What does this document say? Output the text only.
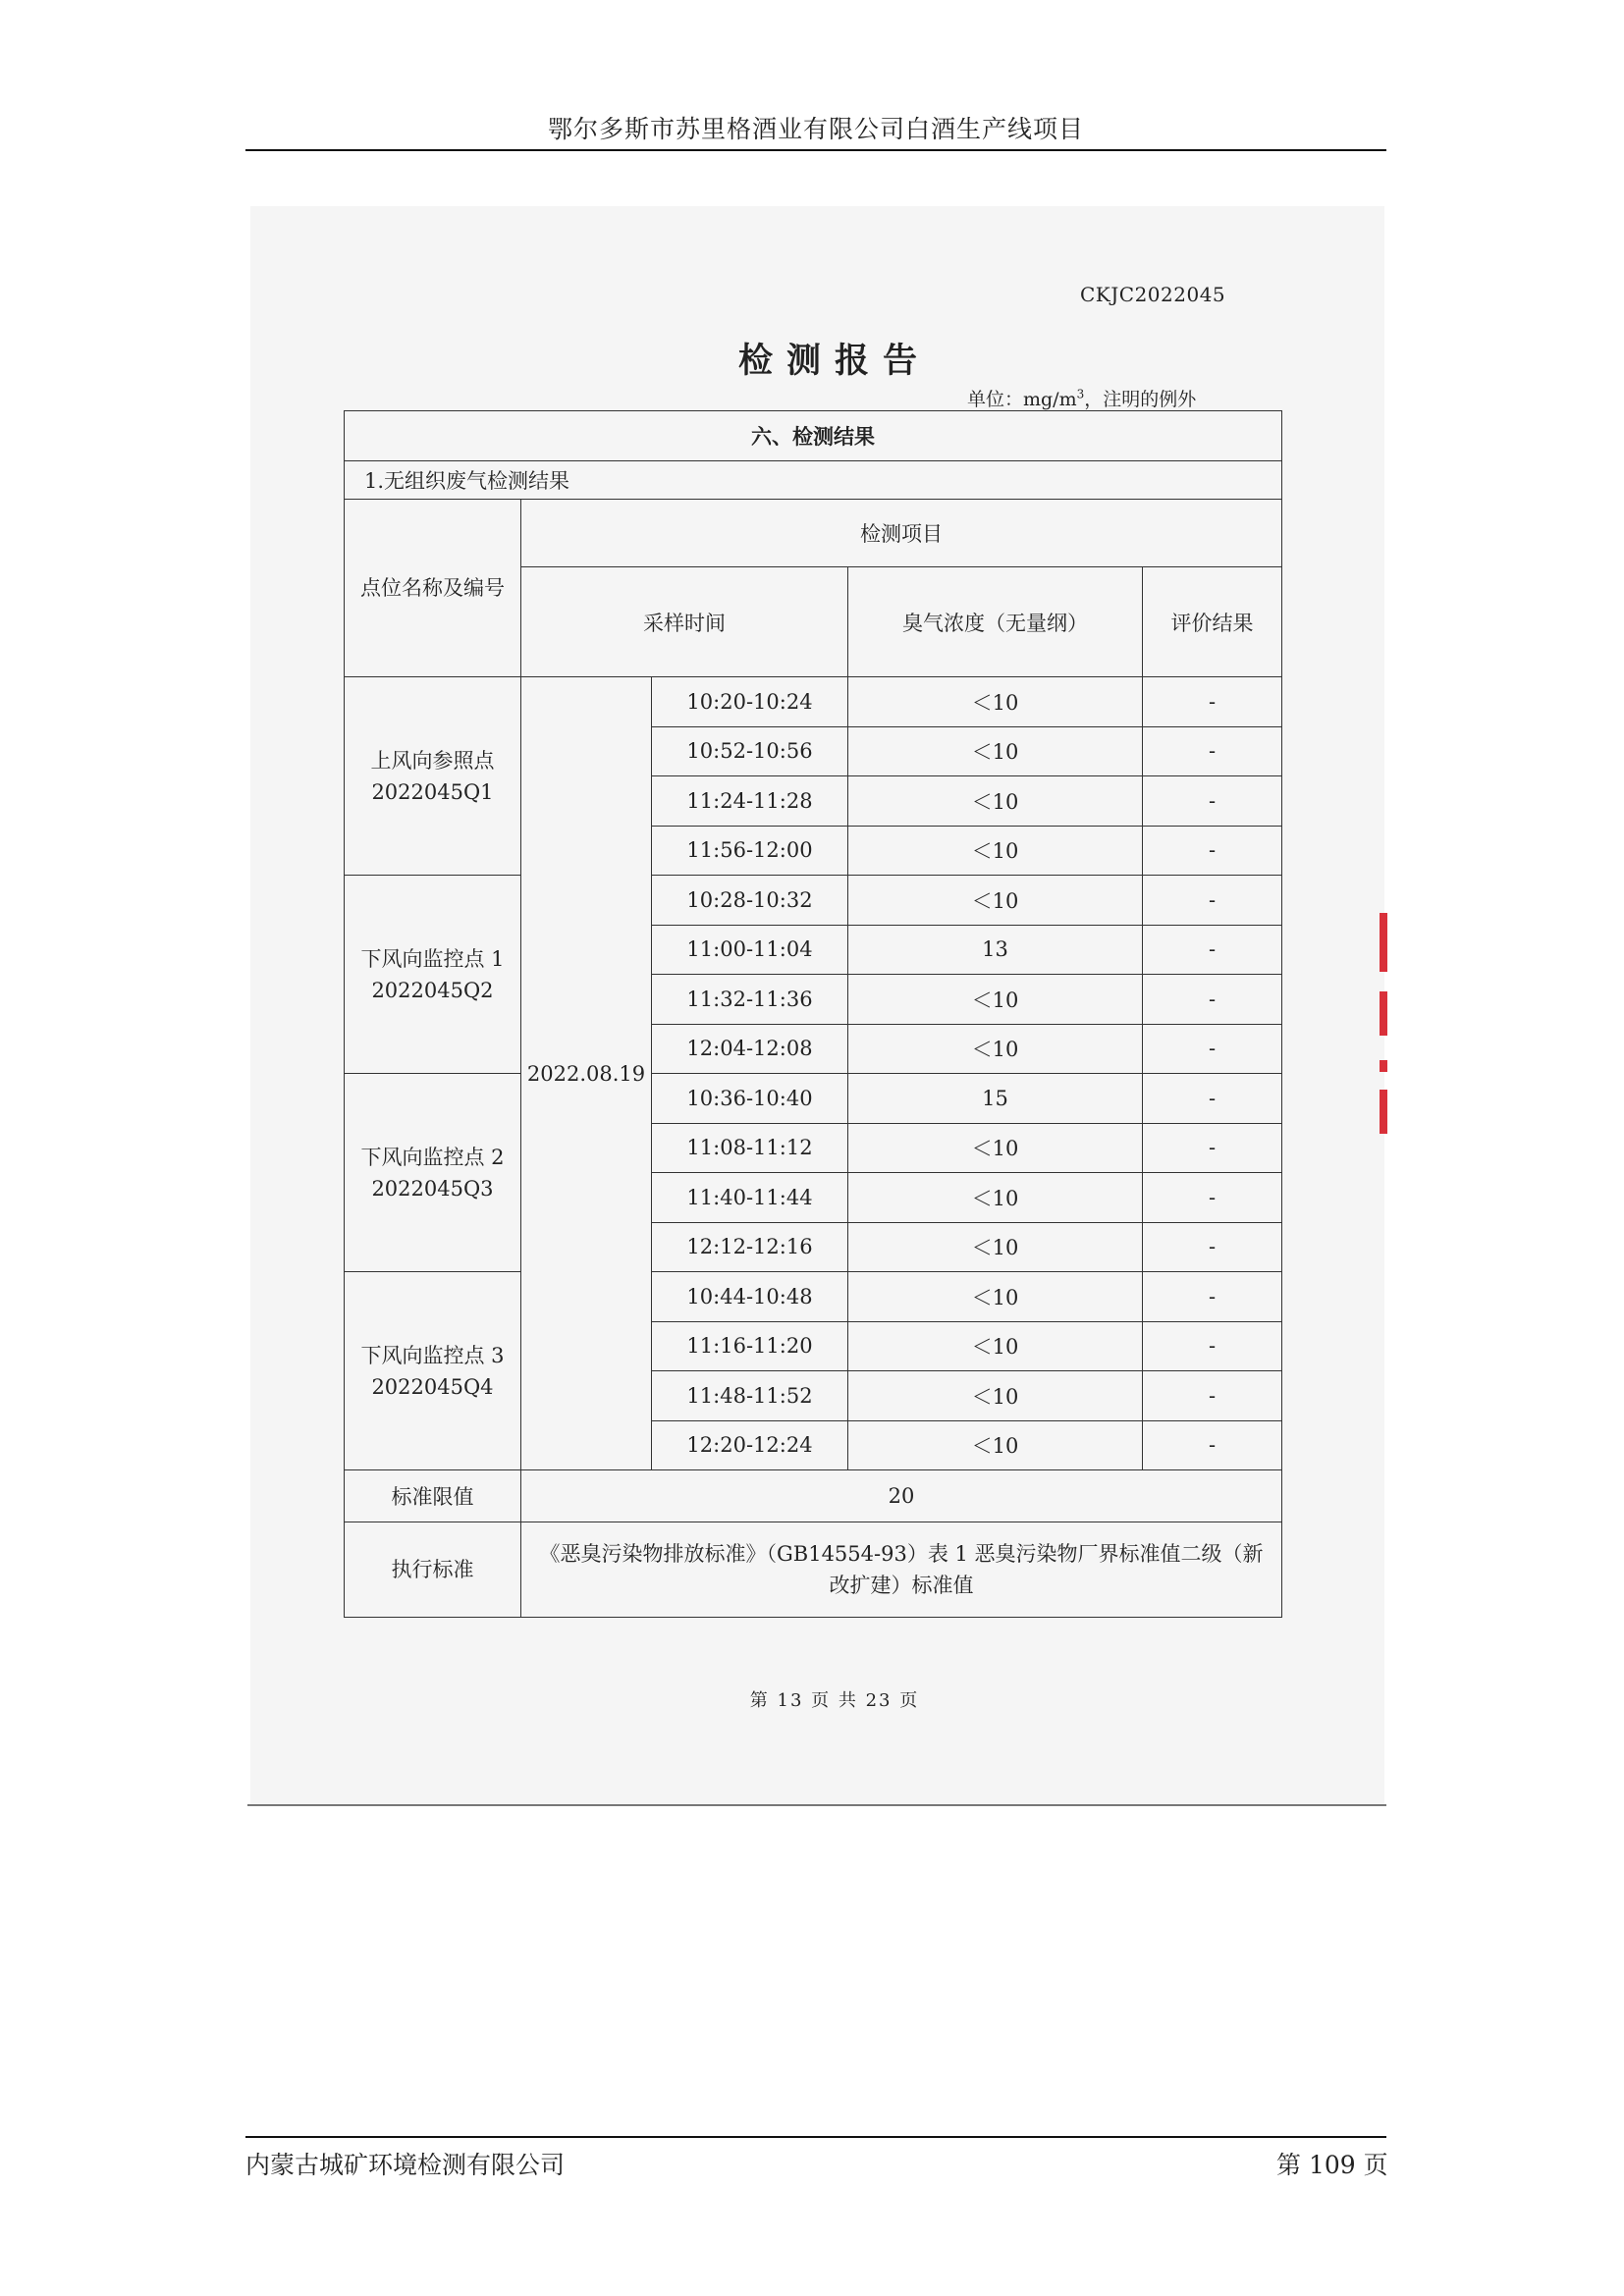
鄂尔多斯市苏里格酒业有限公司白酒生产线项目
CKJC2022045
检测报告
单位：$mg/m^3$，注明的例外
六、检测结果				
1.无组织废气检测结果				
点位名称及编号	检测项目			
	采样时间		臭气浓度（无量纲）	评价结果

上风向参照点
2022045Q1	2022.08.19	10:20-10:24	＜10	-
		10:52-10:56	＜10	-
		11:24-11:28	＜10	-
		11:56-12:00	＜10	-

下风向监控点 1
2022045Q2		10:28-10:32	＜10	-
		11:00-11:04	13	-
		11:32-11:36	＜10	-
		12:04-12:08	＜10	-

下风向监控点 2
2022045Q3		10:36-10:40	15	-
		11:08-11:12	＜10	-
		11:40-11:44	＜10	-
		12:12-12:16	＜10	-

下风向监控点 3
2022045Q4		10:44-10:48	＜10	-
		11:16-11:20	＜10	-
		11:48-11:52	＜10	-
		12:20-12:24	＜10	-
标准限值	20			
执行标准	《恶臭污染物排放标准》（GB14554-93）表 1 恶臭污染物厂界标准值二级（新改扩建）标准值			
第 13 页 共 23 页
内蒙古城矿环境检测有限公司	第 109 页
